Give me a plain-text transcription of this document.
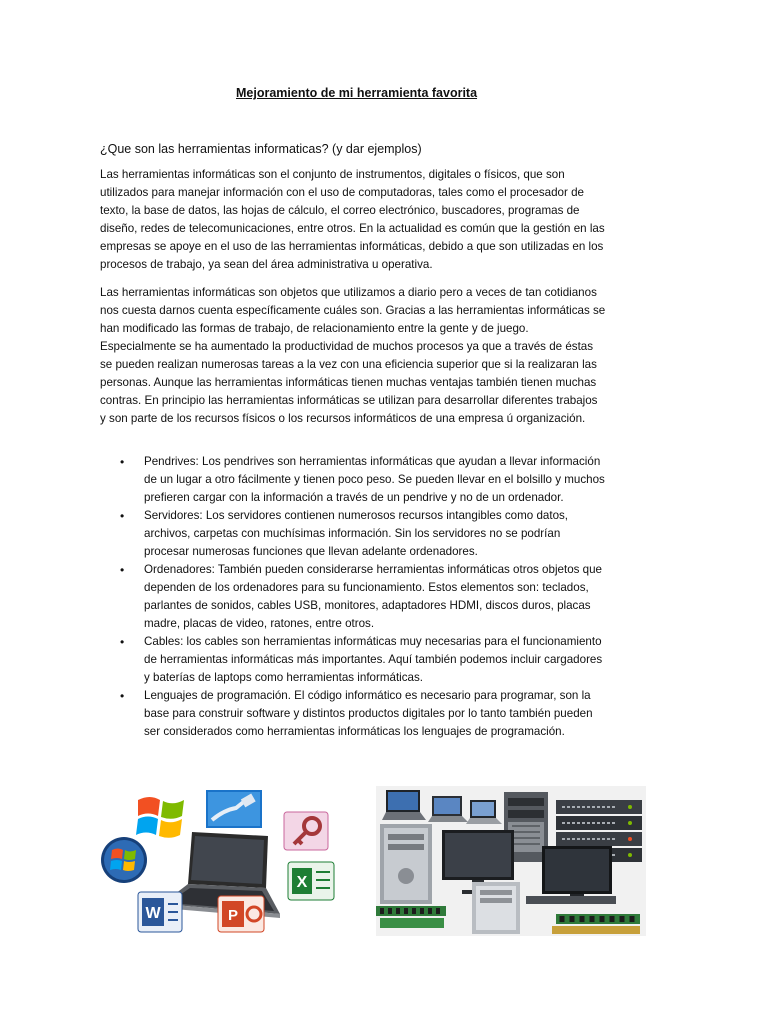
Mejoramiento de mi herramienta favorita
¿Que son las herramientas informaticas? (y dar ejemplos)

Las herramientas informáticas son el conjunto de instrumentos, digitales o físicos, que son utilizados para manejar información con el uso de computadoras, tales como el procesador de texto, la base de datos, las hojas de cálculo, el correo electrónico, buscadores, programas de diseño, redes de telecomunicaciones, entre otros. En la actualidad es común que la gestión en las empresas se apoye en el uso de las herramientas informáticas, debido a que son utilizadas en los procesos de trabajo, ya sean del área administrativa u operativa.

Las herramientas informáticas son objetos que utilizamos a diario pero a veces de tan cotidianos nos cuesta darnos cuenta específicamente cuáles son. Gracias a las herramientas informáticas se han modificado las formas de trabajo, de relacionamiento entre la gente y de juego. Especialmente se ha aumentado la productividad de muchos procesos ya que a través de éstas se pueden realizan numerosas tareas a la vez con una eficiencia superior que si la realizaran las personas. Aunque las herramientas informáticas tienen muchas ventajas también tienen muchas contras. En principio las herramientas informáticas se utilizan para desarrollar diferentes trabajos y son parte de los recursos físicos o los recursos informáticos de una empresa ú organización.

• Pendrives: Los pendrives son herramientas informáticas que ayudan a llevar información de un lugar a otro fácilmente y tienen poco peso. Se pueden llevar en el bolsillo y muchos prefieren cargar con la información a través de un pendrive y no de un ordenador.
• Servidores: Los servidores contienen numerosos recursos intangibles como datos, archivos, carpetas con muchísimas información. Sin los servidores no se podrían procesar numerosas funciones que llevan adelante ordenadores.
• Ordenadores: También pueden considerarse herramientas informáticas otros objetos que dependen de los ordenadores para su funcionamiento. Estos elementos son: teclados, parlantes de sonidos, cables USB, monitores, adaptadores HDMI, discos duros, placas madre, placas de video, ratones, entre otros.
• Cables: los cables son herramientas informáticas muy necesarias para el funcionamiento de herramientas informáticas más importantes. Aquí también podemos incluir cargadores y baterías de laptops como herramientas informáticas.
• Lenguajes de programación. El código informático es necesario para programar, son la base para construir software y distintos productos digitales por lo tanto también pueden ser considerados como herramientas informáticas los lenguajes de programación.
X
W	P
